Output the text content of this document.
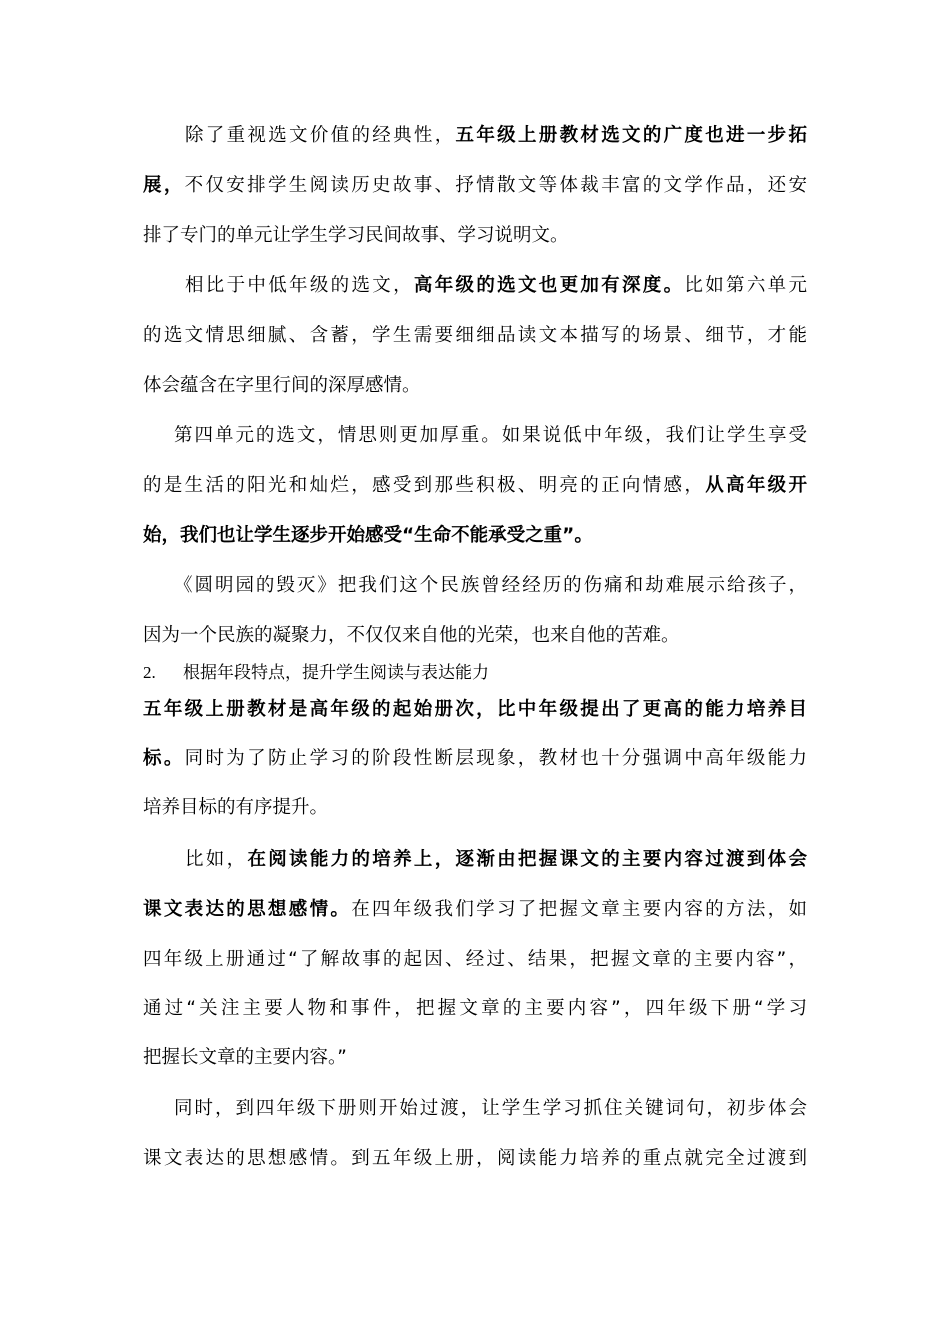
除了重视选文价值的经典性，五年级上册教材选文的广度也进一步拓
展，不仅安排学生阅读历史故事、抒情散文等体裁丰富的文学作品，还安
排了专门的单元让学生学习民间故事、学习说明文。
相比于中低年级的选文，高年级的选文也更加有深度。比如第六单元
的选文情思细腻、含蓄，学生需要细细品读文本描写的场景、细节，才能
体会蕴含在字里行间的深厚感情。
第四单元的选文，情思则更加厚重。如果说低中年级，我们让学生享受
的是生活的阳光和灿烂，感受到那些积极、明亮的正向情感，从高年级开
始，我们也让学生逐步开始感受“生命不能承受之重”。
《圆明园的毁灭》把我们这个民族曾经经历的伤痛和劫难展示给孩子，
因为一个民族的凝聚力，不仅仅来自他的光荣，也来自他的苦难。
2. 根据年段特点，提升学生阅读与表达能力
五年级上册教材是高年级的起始册次，比中年级提出了更高的能力培养目
标。同时为了防止学习的阶段性断层现象，教材也十分强调中高年级能力
培养目标的有序提升。
比如，在阅读能力的培养上，逐渐由把握课文的主要内容过渡到体会
课文表达的思想感情。在四年级我们学习了把握文章主要内容的方法，如
四年级上册通过“了解故事的起因、经过、结果，把握文章的主要内容”，
通过“关注主要人物和事件，把握文章的主要内容”，四年级下册“学习
把握长文章的主要内容。”
同时，到四年级下册则开始过渡，让学生学习抓住关键词句，初步体会
课文表达的思想感情。到五年级上册，阅读能力培养的重点就完全过渡到
